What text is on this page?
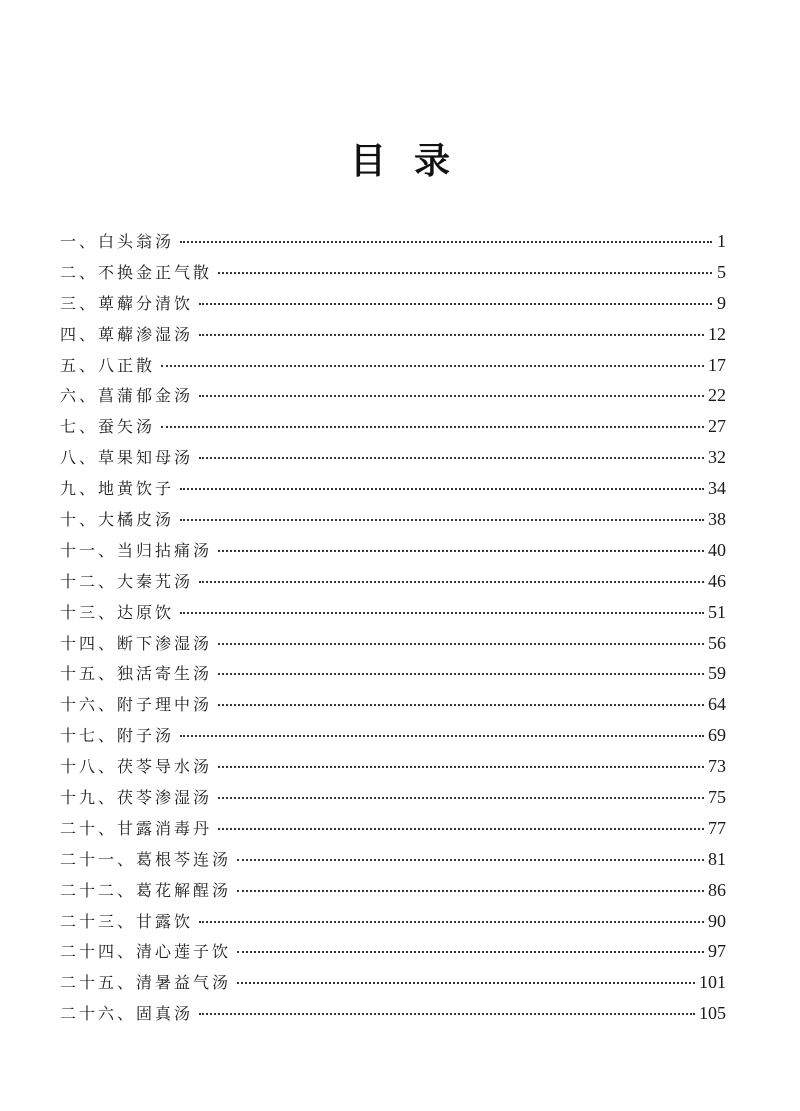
目录
一、白头翁汤	1
二、不换金正气散	5
三、萆薢分清饮	9
四、萆薢渗湿汤	12
五、八正散	17
六、菖蒲郁金汤	22
七、蚕矢汤	27
八、草果知母汤	32
九、地黄饮子	34
十、大橘皮汤	38
十一、当归拈痛汤	40
十二、大秦艽汤	46
十三、达原饮	51
十四、断下渗湿汤	56
十五、独活寄生汤	59
十六、附子理中汤	64
十七、附子汤	69
十八、茯苓导水汤	73
十九、茯苓渗湿汤	75
二十、甘露消毒丹	77
二十一、葛根芩连汤	81
二十二、葛花解酲汤	86
二十三、甘露饮	90
二十四、清心莲子饮	97
二十五、清暑益气汤	101
二十六、固真汤	105
